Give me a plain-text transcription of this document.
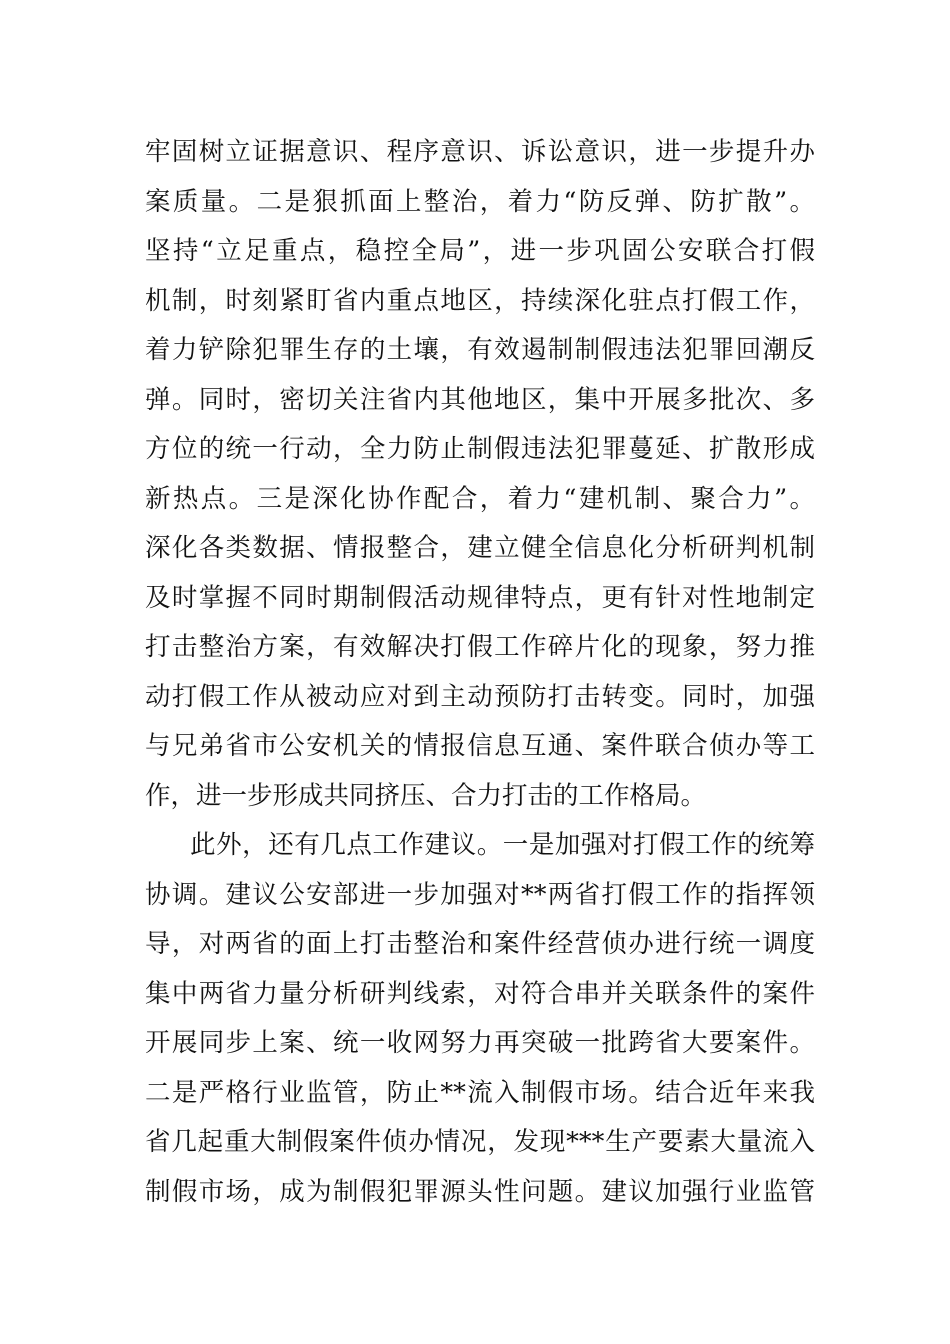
牢固树立证据意识、程序意识、诉讼意识，进一步提升办
案质量。二是狠抓面上整治，着力“防反弹、防扩散”。
坚持“立足重点，稳控全局”，进一步巩固公安联合打假
机制，时刻紧盯省内重点地区，持续深化驻点打假工作，
着力铲除犯罪生存的土壤，有效遏制制假违法犯罪回潮反
弹。同时，密切关注省内其他地区，集中开展多批次、多
方位的统一行动，全力防止制假违法犯罪蔓延、扩散形成
新热点。三是深化协作配合，着力“建机制、聚合力”。
深化各类数据、情报整合，建立健全信息化分析研判机制
及时掌握不同时期制假活动规律特点，更有针对性地制定
打击整治方案，有效解决打假工作碎片化的现象，努力推
动打假工作从被动应对到主动预防打击转变。同时，加强
与兄弟省市公安机关的情报信息互通、案件联合侦办等工
作，进一步形成共同挤压、合力打击的工作格局。
此外，还有几点工作建议。一是加强对打假工作的统筹
协调。建议公安部进一步加强对**两省打假工作的指挥领
导，对两省的面上打击整治和案件经营侦办进行统一调度
集中两省力量分析研判线索，对符合串并关联条件的案件
开展同步上案、统一收网努力再突破一批跨省大要案件。
二是严格行业监管，防止**流入制假市场。结合近年来我
省几起重大制假案件侦办情况，发现***生产要素大量流入
制假市场，成为制假犯罪源头性问题。建议加强行业监管
